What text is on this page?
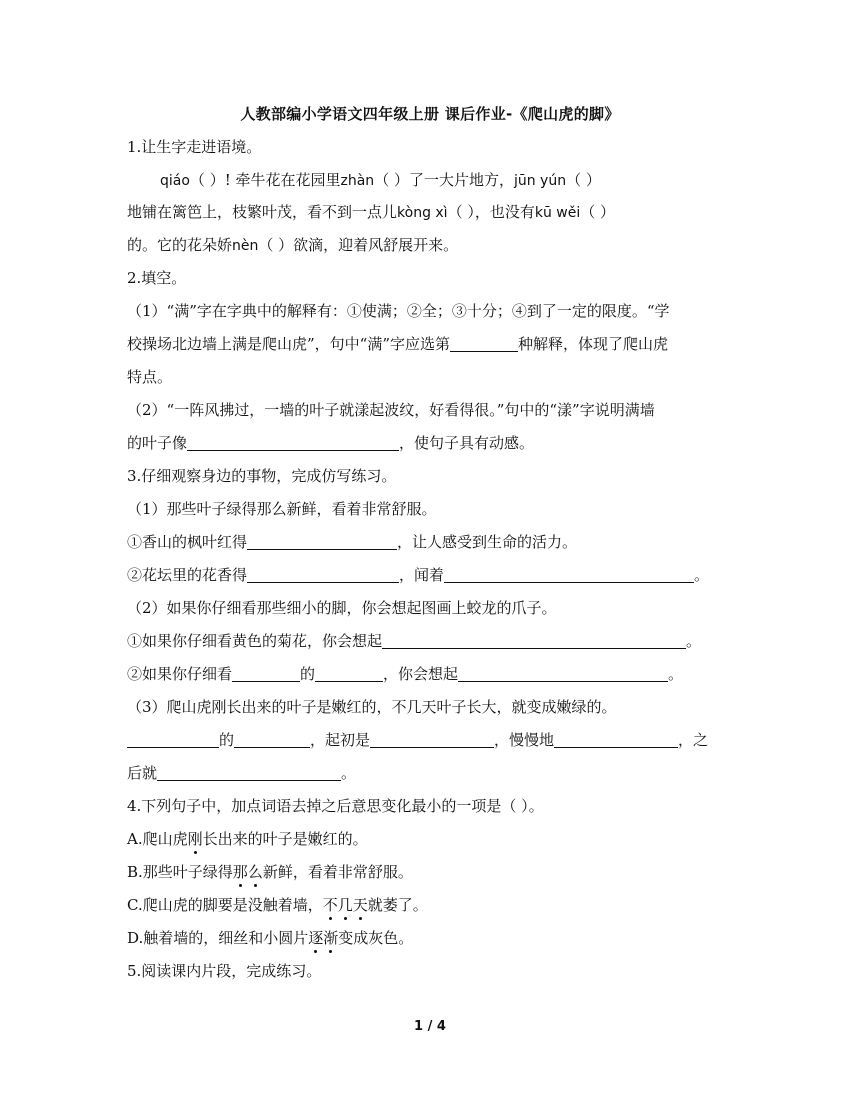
人教部编小学语文四年级上册 课后作业-《爬山虎的脚》
1.让生字走进语境。
qiáo（ ）! 牵牛花在花园里zhàn（ ）了一大片地方，jūn yún（ ）
地铺在篱笆上，枝繁叶茂，看不到一点儿kòng xì（ ），也没有kū wěi（ ）
的。它的花朵娇nèn（ ）欲滴，迎着风舒展开来。
2.填空。
（1）“满”字在字典中的解释有：①使满；②全；③十分；④到了一定的限度。“学
校操场北边墙上满是爬山虎”，句中“满”字应选第	种解释，体现了爬山虎
特点。
（2）“一阵风拂过，一墙的叶子就漾起波纹，好看得很。”句中的“漾”字说明满墙
的叶子像	，使句子具有动感。
3.仔细观察身边的事物，完成仿写练习。
（1）那些叶子绿得那么新鲜，看着非常舒服。
①香山的枫叶红得	，让人感受到生命的活力。
②花坛里的花香得	，闻着	。
（2）如果你仔细看那些细小的脚，你会想起图画上蛟龙的爪子。
①如果你仔细看黄色的菊花，你会想起	。
②如果你仔细看	的	，你会想起	。
（3）爬山虎刚长出来的叶子是嫩红的，不几天叶子长大，就变成嫩绿的。
的	，起初是	，慢慢地	，之
后就	。
4.下列句子中，加点词语去掉之后意思变化最小的一项是（ ）。
A.爬山虎刚长出来的叶子是嫩红的。
B.那些叶子绿得那么新鲜，看着非常舒服。
C.爬山虎的脚要是没触着墙，不几天就萎了。
D.触着墙的，细丝和小圆片逐渐变成灰色。
5.阅读课内片段，完成练习。
1 / 4
